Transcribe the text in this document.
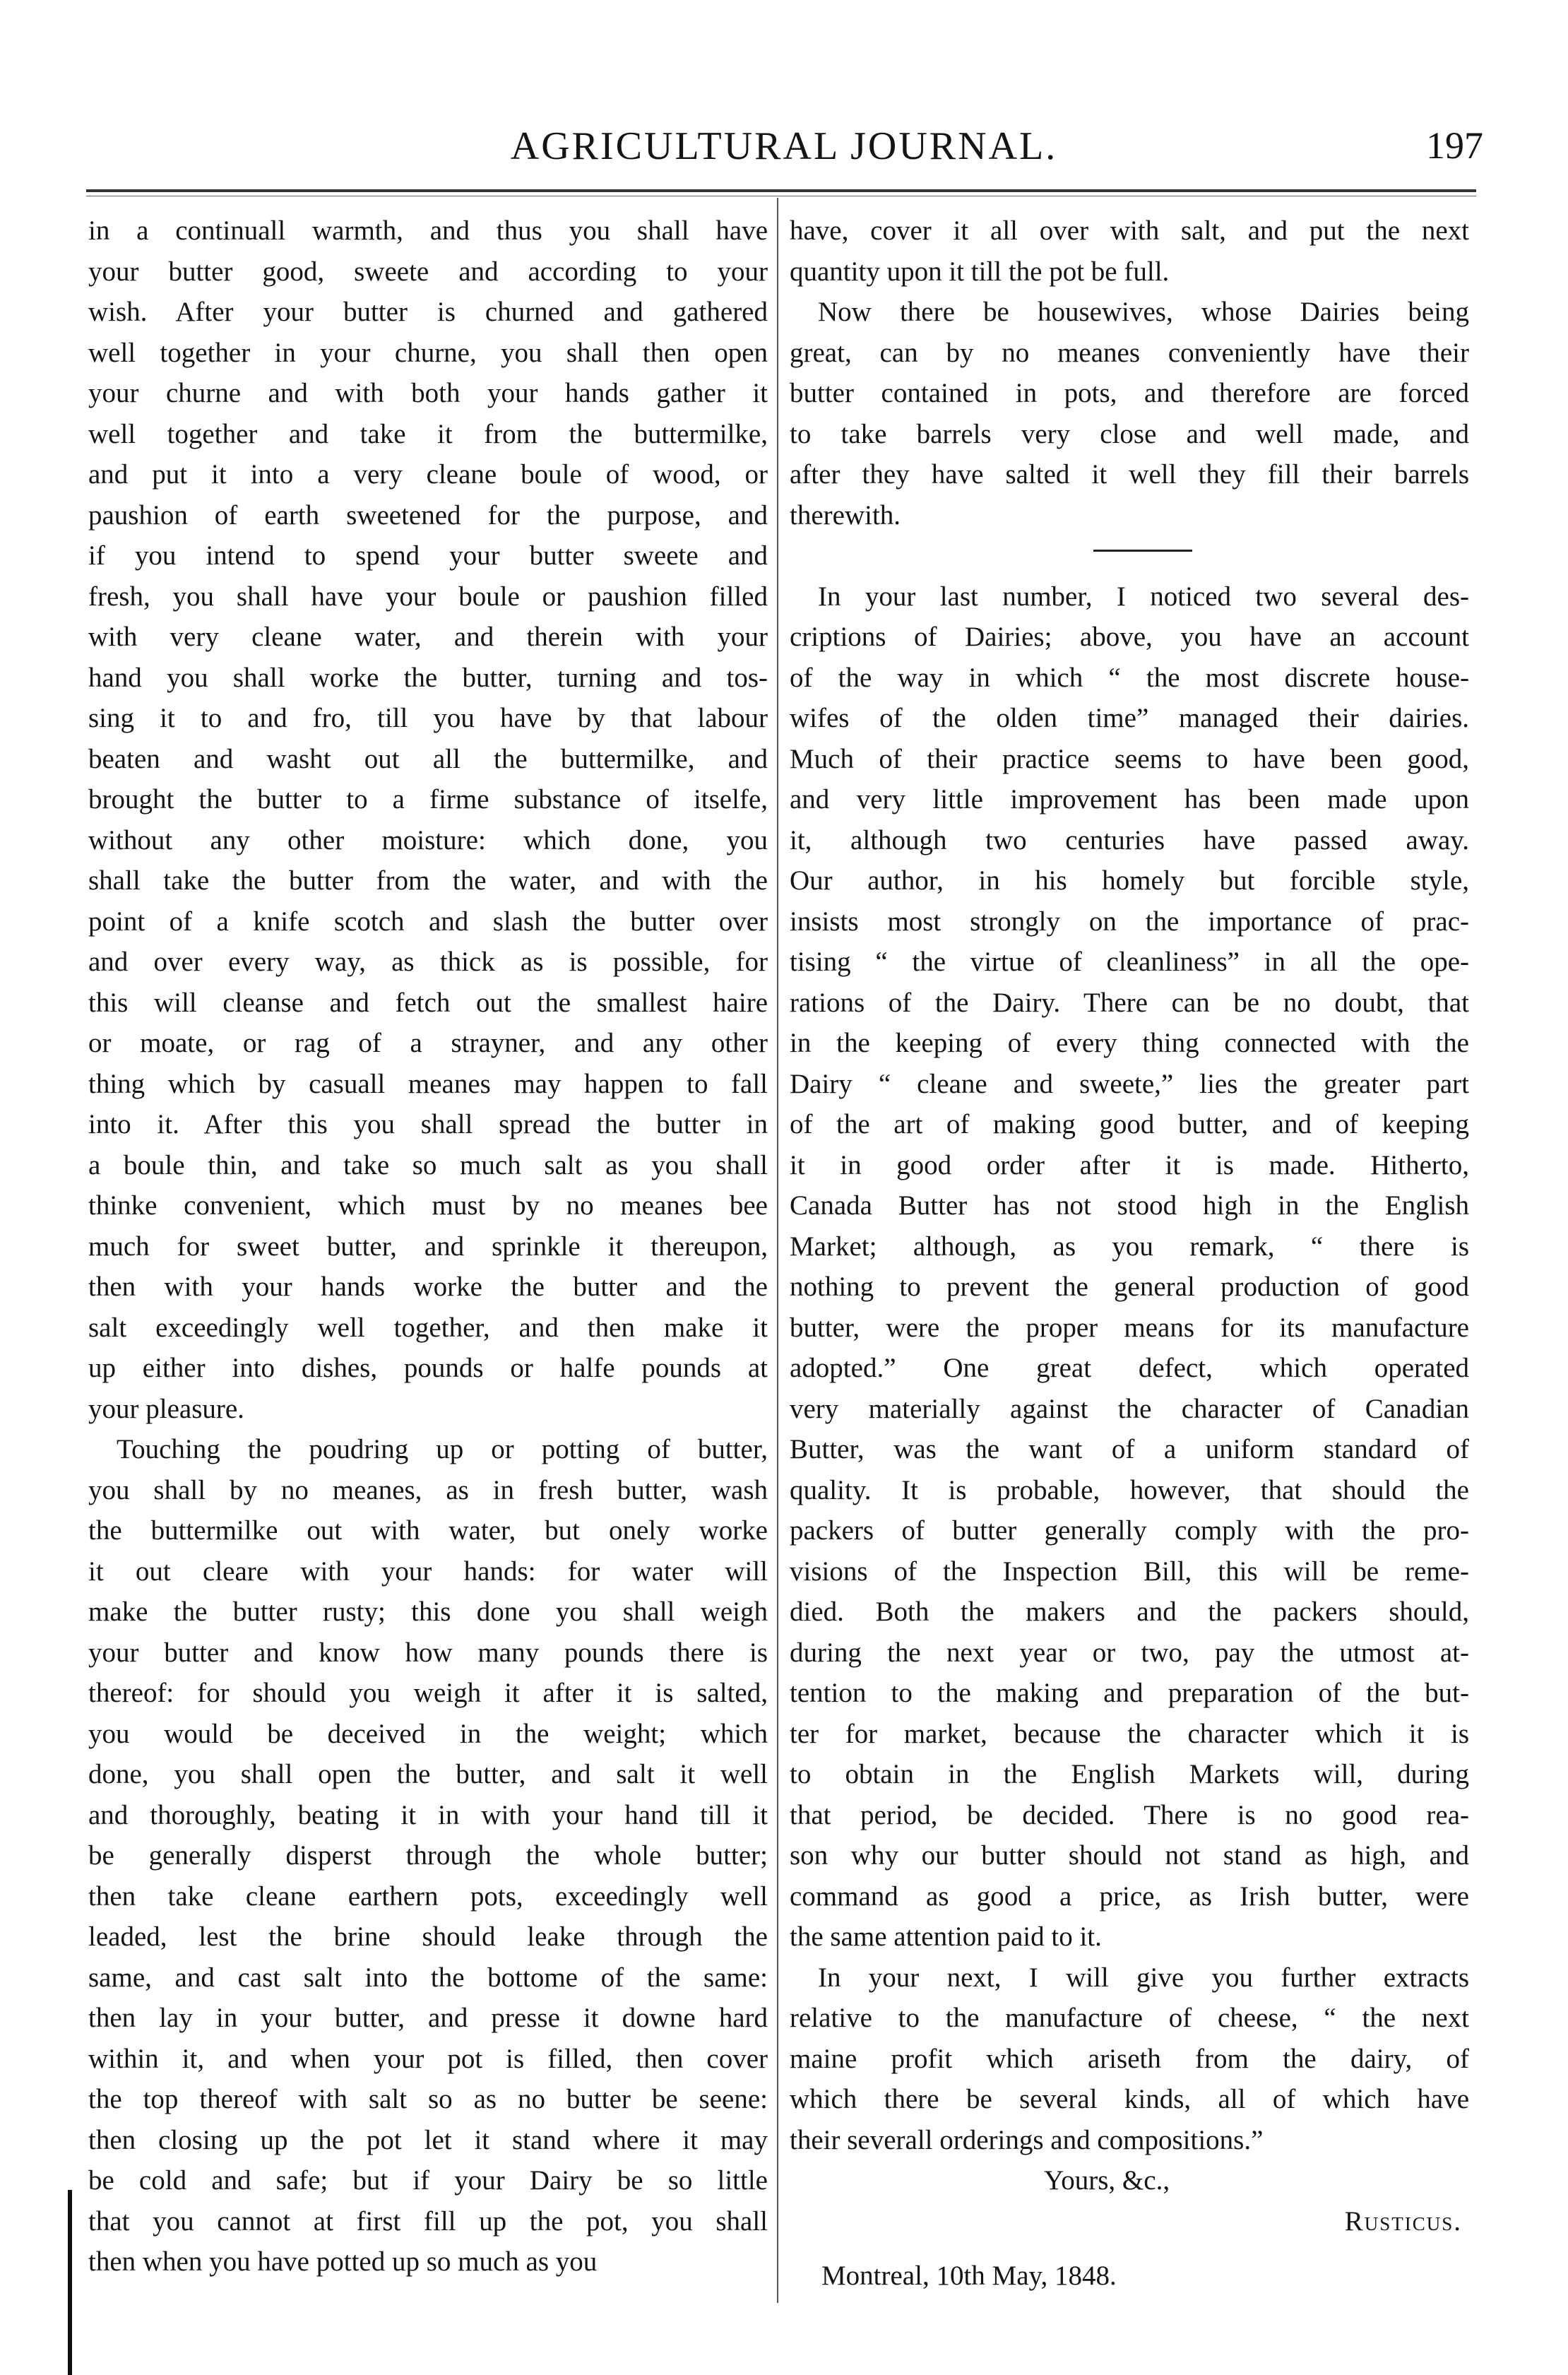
AGRICULTURAL JOURNAL.	197
in a continuall warmth, and thus you shall have
your butter good, sweete and according to your
wish. After your butter is churned and gathered
well together in your churne, you shall then open
your churne and with both your hands gather it
well together and take it from the buttermilke,
and put it into a very cleane boule of wood, or
paushion of earth sweetened for the purpose, and
if you intend to spend your butter sweete and
fresh, you shall have your boule or paushion filled
with very cleane water, and therein with your
hand you shall worke the butter, turning and tos-
sing it to and fro, till you have by that labour
beaten and washt out all the buttermilke, and
brought the butter to a firme substance of itselfe,
without any other moisture: which done, you
shall take the butter from the water, and with the
point of a knife scotch and slash the butter over
and over every way, as thick as is possible, for
this will cleanse and fetch out the smallest haire
or moate, or rag of a strayner, and any other
thing which by casuall meanes may happen to fall
into it. After this you shall spread the butter in
a boule thin, and take so much salt as you shall
thinke convenient, which must by no meanes bee
much for sweet butter, and sprinkle it thereupon,
then with your hands worke the butter and the
salt exceedingly well together, and then make it
up either into dishes, pounds or halfe pounds at
your pleasure.
Touching the poudring up or potting of butter,
you shall by no meanes, as in fresh butter, wash
the buttermilke out with water, but onely worke
it out cleare with your hands: for water will
make the butter rusty; this done you shall weigh
your butter and know how many pounds there is
thereof: for should you weigh it after it is salted,
you would be deceived in the weight; which
done, you shall open the butter, and salt it well
and thoroughly, beating it in with your hand till it
be generally disperst through the whole butter;
then take cleane earthern pots, exceedingly well
leaded, lest the brine should leake through the
same, and cast salt into the bottome of the same:
then lay in your butter, and presse it downe hard
within it, and when your pot is filled, then cover
the top thereof with salt so as no butter be seene:
then closing up the pot let it stand where it may
be cold and safe; but if your Dairy be so little
that you cannot at first fill up the pot, you shall
then when you have potted up so much as you
have, cover it all over with salt, and put the next
quantity upon it till the pot be full.
Now there be housewives, whose Dairies being
great, can by no meanes conveniently have their
butter contained in pots, and therefore are forced
to take barrels very close and well made, and
after they have salted it well they fill their barrels
therewith.
In your last number, I noticed two several des-
criptions of Dairies; above, you have an account
of the way in which “ the most discrete house-
wifes of the olden time” managed their dairies.
Much of their practice seems to have been good,
and very little improvement has been made upon
it, although two centuries have passed away.
Our author, in his homely but forcible style,
insists most strongly on the importance of prac-
tising “ the virtue of cleanliness” in all the ope-
rations of the Dairy. There can be no doubt, that
in the keeping of every thing connected with the
Dairy “ cleane and sweete,” lies the greater part
of the art of making good butter, and of keeping
it in good order after it is made. Hitherto,
Canada Butter has not stood high in the English
Market; although, as you remark, “ there is
nothing to prevent the general production of good
butter, were the proper means for its manufacture
adopted.” One great defect, which operated
very materially against the character of Canadian
Butter, was the want of a uniform standard of
quality. It is probable, however, that should the
packers of butter generally comply with the pro-
visions of the Inspection Bill, this will be reme-
died. Both the makers and the packers should,
during the next year or two, pay the utmost at-
tention to the making and preparation of the but-
ter for market, because the character which it is
to obtain in the English Markets will, during
that period, be decided. There is no good rea-
son why our butter should not stand as high, and
command as good a price, as Irish butter, were
the same attention paid to it.
In your next, I will give you further extracts
relative to the manufacture of cheese, “ the next
maine profit which ariseth from the dairy, of
which there be several kinds, all of which have
their severall orderings and compositions.”
Yours, &c.,
Rusticus.
Montreal, 10th May, 1848.
